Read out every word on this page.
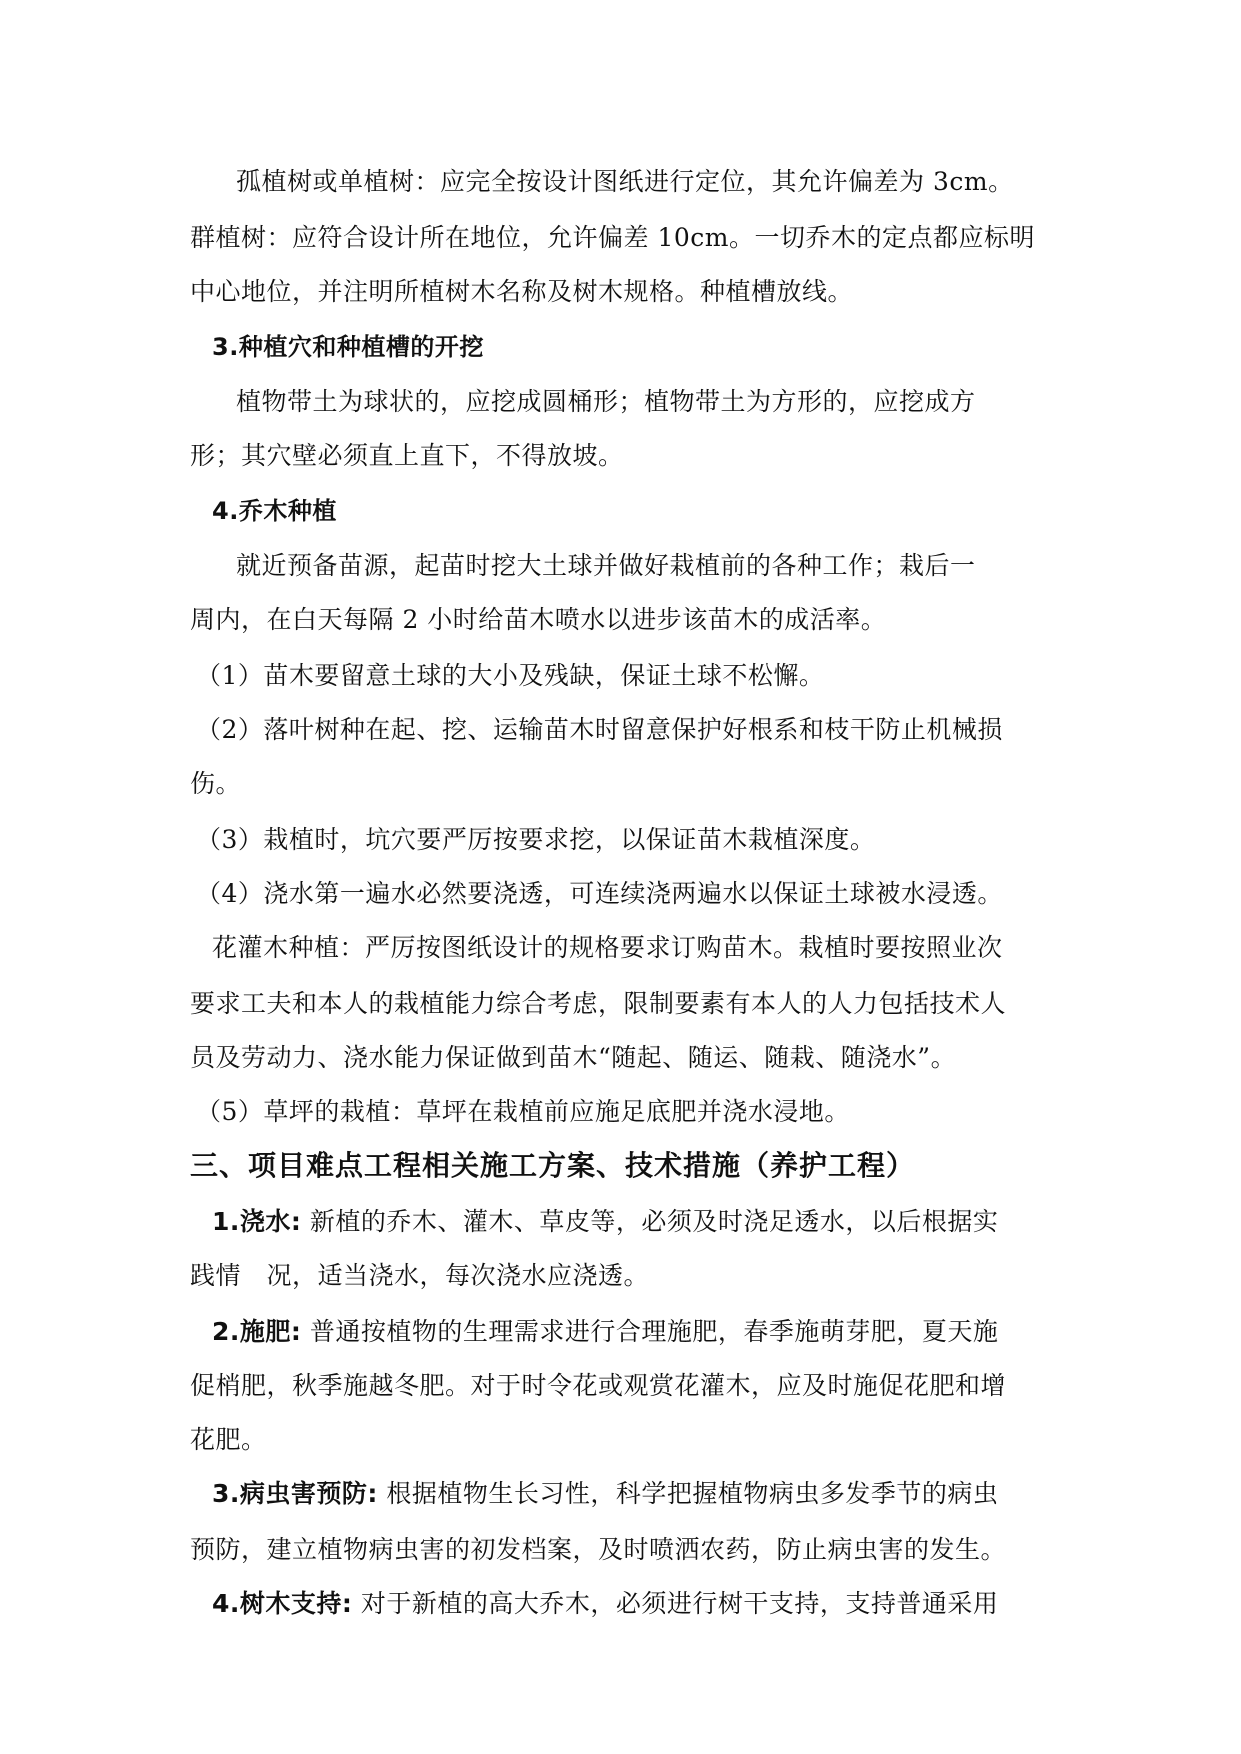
孤植树或单植树：应完全按设计图纸进行定位，其允许偏差为 3cm。
群植树：应符合设计所在地位，允许偏差 10cm。一切乔木的定点都应标明
中心地位，并注明所植树木名称及树木规格。种植槽放线。
3.种植穴和种植槽的开挖
植物带土为球状的，应挖成圆桶形；植物带土为方形的，应挖成方
形；其穴壁必须直上直下，不得放坡。
4.乔木种植
就近预备苗源，起苗时挖大土球并做好栽植前的各种工作；栽后一
周内，在白天每隔 2 小时给苗木喷水以进步该苗木的成活率。
（1）苗木要留意土球的大小及残缺，保证土球不松懈。
（2）落叶树种在起、挖、运输苗木时留意保护好根系和枝干防止机械损
伤。
（3）栽植时，坑穴要严厉按要求挖，以保证苗木栽植深度。
（4）浇水第一遍水必然要浇透，可连续浇两遍水以保证土球被水浸透。
花灌木种植：严厉按图纸设计的规格要求订购苗木。栽植时要按照业次
要求工夫和本人的栽植能力综合考虑，限制要素有本人的人力包括技术人
员及劳动力、浇水能力保证做到苗木“随起、随运、随栽、随浇水”。
（5）草坪的栽植：草坪在栽植前应施足底肥并浇水浸地。
三、项目难点工程相关施工方案、技术措施（养护工程）
1.浇水: 新植的乔木、灌木、草皮等，必须及时浇足透水，以后根据实
践情　况，适当浇水，每次浇水应浇透。
2.施肥: 普通按植物的生理需求进行合理施肥，春季施萌芽肥，夏天施
促梢肥，秋季施越冬肥。对于时令花或观赏花灌木，应及时施促花肥和增
花肥。
3.病虫害预防: 根据植物生长习性，科学把握植物病虫多发季节的病虫
预防，建立植物病虫害的初发档案，及时喷洒农药，防止病虫害的发生。
4.树木支持: 对于新植的高大乔木，必须进行树干支持，支持普通采用
